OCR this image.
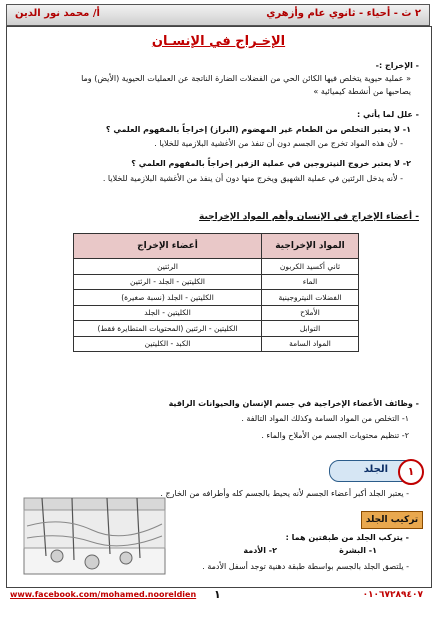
٢ ث - أحياء - ثانوي عام وأزهري
أ/ محمد نور الدين
الإخـراج في الإنسـان
- الإخراج :-
« عملية حيوية يتخلص فيها الكائن الحي من الفضلات الضارة الناتجة عن العمليات الحيوية (الأيض) وما
يصاحبها من أنشطة كيميائية »
- علل لما يأتي :
١- لا يعتبر التخلص من الطعام غير المهضوم (البراز) إخراجاً بالمفهوم العلمي ؟
- لأن هذه المواد تخرج من الجسم دون أن تنفذ من الأغشية البلازمية للخلايا .
٢- لا يعتبر خروج النيتروجين في عملية الزفير إخراجاً بالمفهوم العلمي ؟
- لأنه يدخل الرئتين في عملية الشهيق ويخرج منها دون أن ينفذ من الأغشية البلازمية للخلايا .
- أعضاء الإخراج في الإنسان وأهم المواد الإخراجية
المواد الإخراجية	أعضاء الإخراج
ثاني أكسيد الكربون	الرئتين
الماء	الكليتين - الجلد - الرئتين
الفضلات النيتروجينية	الكليتين - الجلد (نسبة صغيرة)
الأملاح	الكليتين - الجلد
التوابل	الكليتين - الرئتين (المحتويات المتطايرة فقط)
المواد السامة	الكبد - الكليتين
- وظائف الأعضاء الإخراجية في جسم الإنسان والحيوانات الراقية
١- التخلص من المواد السامة وكذلك المواد التالفة .
٢- تنظيم محتويات الجسم من الأملاح والماء .
١
الجلد
- يعتبر الجلد أكبر أعضاء الجسم لأنه يحيط بالجسم كله وأطرافه من الخارج .
تركيب الجلد
- يتركب الجلد من طبقتين هما :
١- البشرة
٢- الأدمة
- يلتصق الجلد بالجسم بواسطة طبقة دهنية توجد أسفل الأدمة .
www.facebook.com/mohamed.nooreldien ١	٠١٠٦٧٢٨٩٤٠٧
